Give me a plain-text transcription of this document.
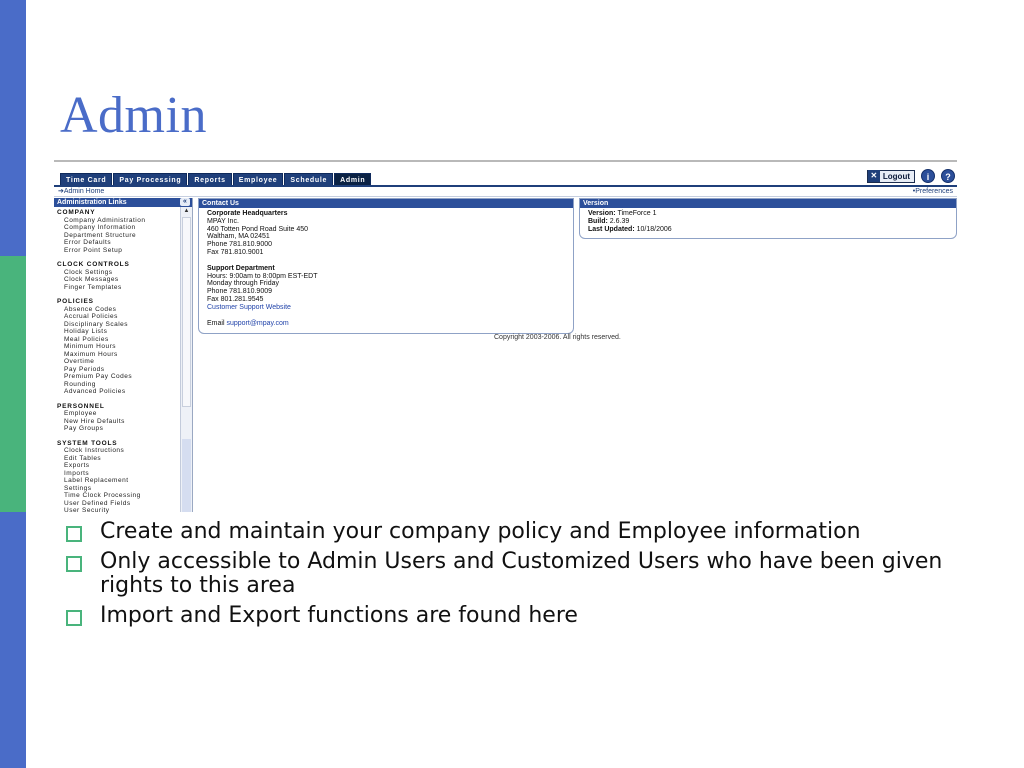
Admin
Time Card	Pay Processing	Reports	Employee	Schedule	Admin
✕ Logout	i	?
➔Admin Home	•Preferences
Administration Links	«
COMPANY
Company Administration
Company Information
Department Structure
Error Defaults
Error Point Setup
CLOCK CONTROLS
Clock Settings
Clock Messages
Finger Templates
POLICIES
Absence Codes
Accrual Policies
Disciplinary Scales
Holiday Lists
Meal Policies
Minimum Hours
Maximum Hours
Overtime
Pay Periods
Premium Pay Codes
Rounding
Advanced Policies
PERSONNEL
Employee
New Hire Defaults
Pay Groups
SYSTEM TOOLS
Clock Instructions
Edit Tables
Exports
Imports
Label Replacement
Settings
Time Clock Processing
User Defined Fields
User Security
▲
Contact Us
Corporate Headquarters
MPAY Inc.
460 Totten Pond Road Suite 450
Waltham, MA 02451
Phone 781.810.9000
Fax 781.810.9001
Support Department
Hours: 9:00am to 8:00pm EST-EDT
Monday through Friday
Phone 781.810.9009
Fax 801.281.9545
Customer Support Website
Email support@mpay.com
Version
Version: TimeForce 1
Build: 2.6.39
Last Updated: 10/18/2006
Copyright 2003-2006. All rights reserved.
Create and maintain your company policy and Employee information
Only accessible to Admin Users and Customized Users who have been given rights to this area
Import and Export functions are found here
